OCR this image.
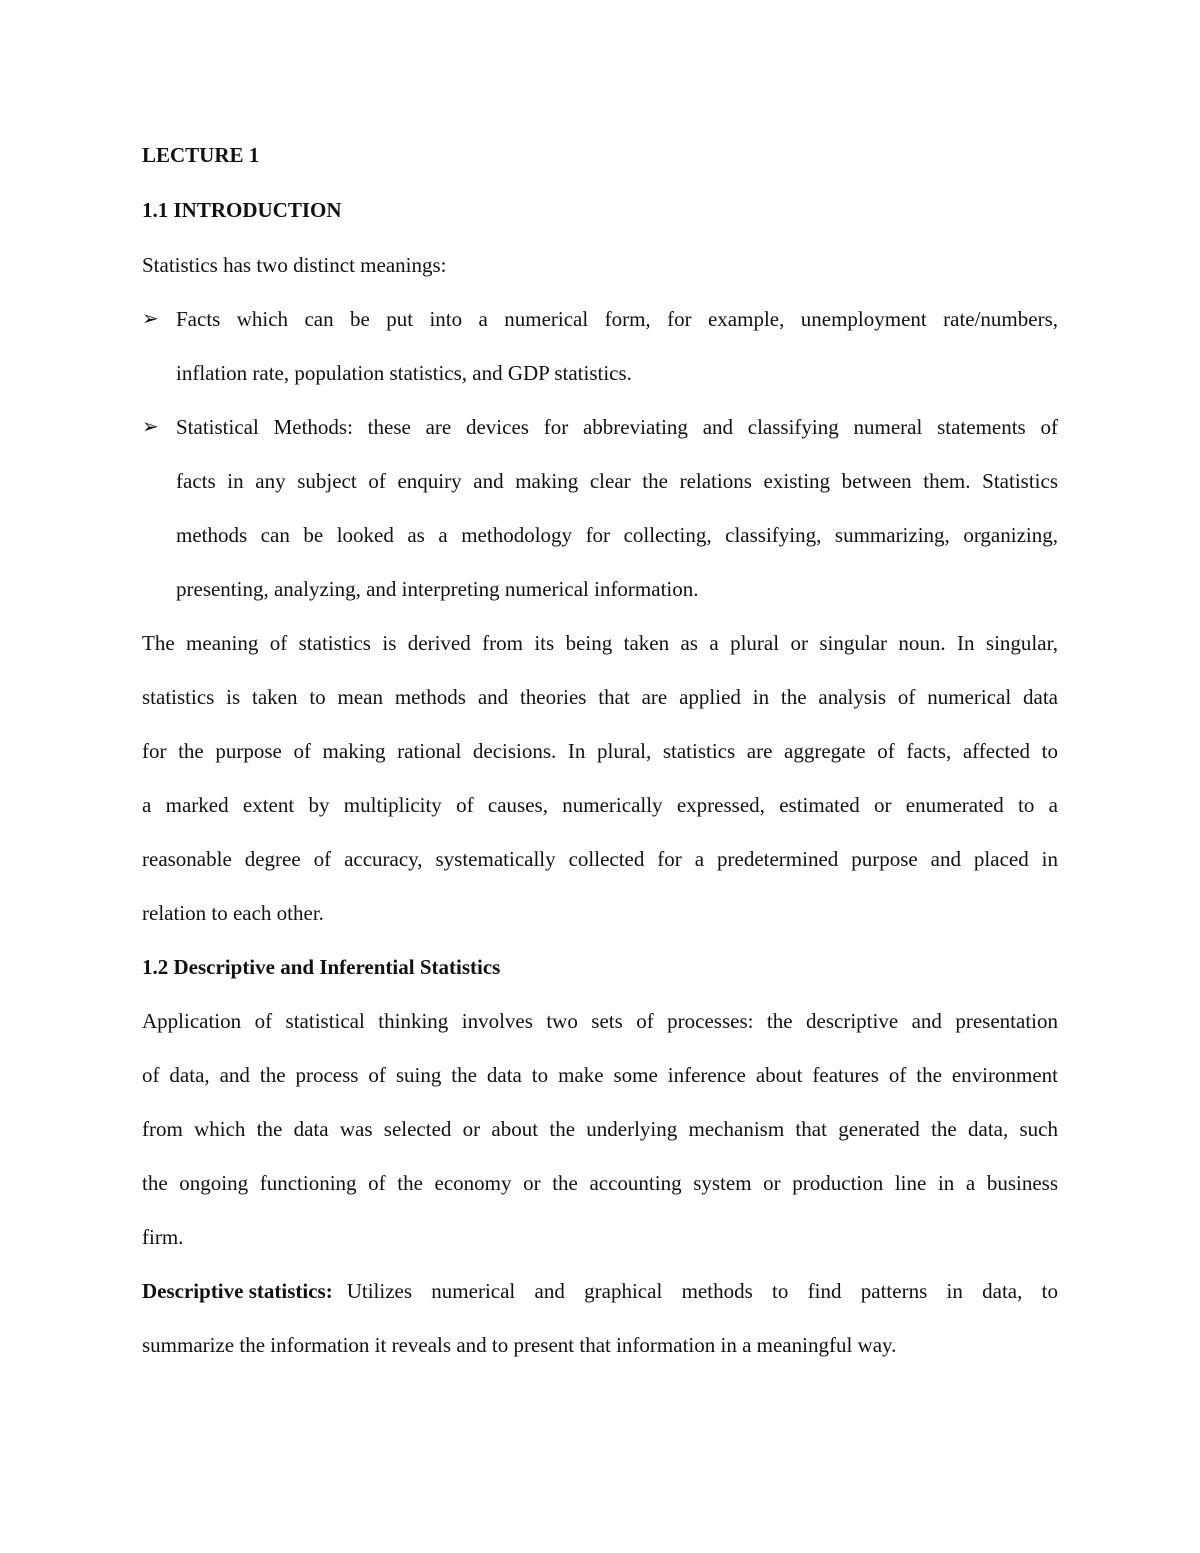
LECTURE 1
1.1 INTRODUCTION
Statistics has two distinct meanings:
➢ Facts which can be put into a numerical form, for example, unemployment rate/numbers,
inflation rate, population statistics, and GDP statistics.
➢ Statistical Methods: these are devices for abbreviating and classifying numeral statements of
facts in any subject of enquiry and making clear the relations existing between them. Statistics
methods can be looked as a methodology for collecting, classifying, summarizing, organizing,
presenting, analyzing, and interpreting numerical information.
The meaning of statistics is derived from its being taken as a plural or singular noun. In singular,
statistics is taken to mean methods and theories that are applied in the analysis of numerical data
for the purpose of making rational decisions. In plural, statistics are aggregate of facts, affected to
a marked extent by multiplicity of causes, numerically expressed, estimated or enumerated to a
reasonable degree of accuracy, systematically collected for a predetermined purpose and placed in
relation to each other.
1.2 Descriptive and Inferential Statistics
Application of statistical thinking involves two sets of processes: the descriptive and presentation
of data, and the process of suing the data to make some inference about features of the environment
from which the data was selected or about the underlying mechanism that generated the data, such
the ongoing functioning of the economy or the accounting system or production line in a business
firm.
Descriptive statistics: Utilizes numerical and graphical methods to find patterns in data, to
summarize the information it reveals and to present that information in a meaningful way.
